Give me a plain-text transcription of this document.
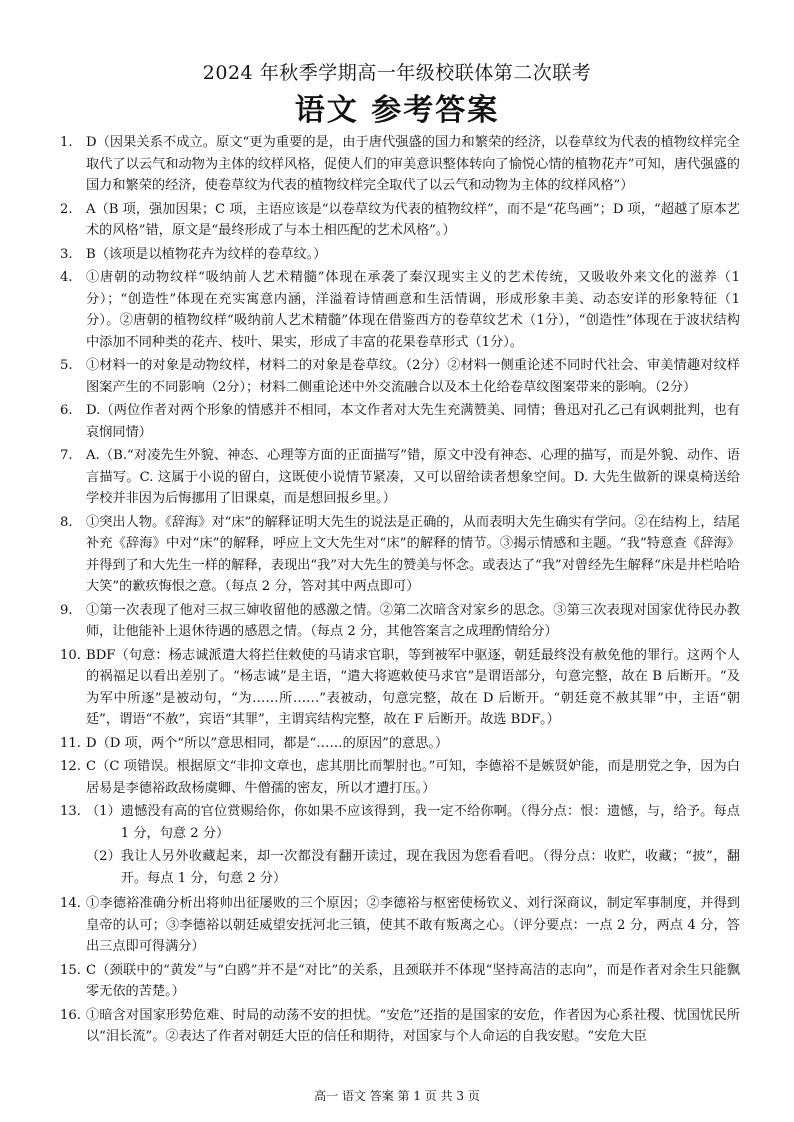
2024 年秋季学期高一年级校联体第二次联考
语文 参考答案
1.	D（因果关系不成立。原文“更为重要的是，由于唐代强盛的国力和繁荣的经济，以卷草纹为代表的植物纹样完全取代了以云气和动物为主体的纹样风格，促使人们的审美意识整体转向了愉悦心情的植物花卉”可知，唐代强盛的国力和繁荣的经济，使卷草纹为代表的植物纹样完全取代了以云气和动物为主体的纹样风格”）
2.	A（B 项，强加因果；C 项，主语应该是“以卷草纹为代表的植物纹样”，而不是“花鸟画”；D 项，“超越了原本艺术的风格”错，原文是“最终形成了与本土相匹配的艺术风格”。）
3.	B（该项是以植物花卉为纹样的卷草纹。）
4.	①唐朝的动物纹样“吸纳前人艺术精髓”体现在承袭了秦汉现实主义的艺术传统，又吸收外来文化的滋养（1分）；“创造性”体现在充实寓意内涵，洋溢着诗情画意和生活情调，形成形象丰美、动态安详的形象特征（1分）。②唐朝的植物纹样“吸纳前人艺术精髓”体现在借鉴西方的卷草纹艺术（1分），“创造性”体现在于波状结构中添加不同种类的花卉、枝叶、果实，形成了丰富的花果卷草形式（1分）。
5.	①材料一的对象是动物纹样，材料二的对象是卷草纹。（2分）②材料一侧重论述不同时代社会、审美情趣对纹样图案产生的不同影响（2分）；材料二侧重论述中外交流融合以及本土化给卷草纹图案带来的影响。（2分）
6.	D.（两位作者对两个形象的情感并不相同，本文作者对大先生充满赞美、同情；鲁迅对孔乙己有讽刺批判，也有哀悯同情）
7.	A.（B.“对凌先生外貌、神态、心理等方面的正面描写”错，原文中没有神态、心理的描写，而是外貌、动作、语言描写。C. 这属于小说的留白，这既使小说情节紧凑，又可以留给读者想象空间。D. 大先生做新的课桌椅送给学校并非因为后悔挪用了旧课桌，而是想回报乡里。）
8.	①突出人物。《辞海》对“床”的解释证明大先生的说法是正确的，从而表明大先生确实有学问。②在结构上，结尾补充《辞海》中对“床”的解释，呼应上文大先生对“床”的解释的情节。③揭示情感和主题。“我”特意查《辞海》并得到了和大先生一样的解释，表现出“我”对大先生的赞美与怀念。或表达了“我”对曾经先生解释“床是井栏哈哈大笑”的歉疚悔恨之意。（每点 2 分，答对其中两点即可）
9.	①第一次表现了他对三叔三婶收留他的感激之情。②第二次暗含对家乡的思念。③第三次表现对国家优待民办教师，让他能补上退休待遇的感恩之情。（每点 2 分，其他答案言之成理酌情给分）
10. BDF（句意：杨志诚派遣大将拦住敕使的马请求官职，等到被军中驱逐，朝廷最终没有赦免他的罪行。这两个人的祸福足以看出差别了。“杨志诚”是主语，“遣大将遮敕使马求官”是谓语部分，句意完整，故在 B 后断开。“及为军中所逐”是被动句，“为……所……”表被动，句意完整，故在 D 后断开。“朝廷竟不赦其罪”中，主语“朝廷”，谓语“不赦”，宾语“其罪”，主谓宾结构完整，故在 F 后断开。故选 BDF。）
11. D（D 项，两个“所以”意思相同，都是“……的原因”的意思。）
12. C（C 项错误。根据原文“非抑文章也，虑其朋比而掣肘也。”可知，李德裕不是嫉贤妒能，而是朋党之争，因为白居易是李德裕政敌杨虞卿、牛僧孺的密友，所以才遭打压。）
13. （1） 遗憾没有高的官位赏赐给你，你如果不应该得到，我一定不给你啊。（得分点：恨：遗憾，与，给予。每点 1 分，句意 2 分）
（2） 我让人另外收藏起来，却一次都没有翻开读过，现在我因为您看看吧。（得分点：收贮，收藏；“披”，翻开。每点 1 分，句意 2 分）
14. ①李德裕准确分析出将帅出征屡败的三个原因；②李德裕与枢密使杨钦义、刘行深商议，制定军事制度，并得到皇帝的认可；③李德裕以朝廷威望安抚河北三镇，使其不敢有叛离之心。（评分要点：一点 2 分，两点 4 分，答出三点即可得满分）
15. C（颈联中的“黄发”与“白鸥”并不是“对比”的关系，且颈联并不体现“坚持高洁的志向”，而是作者对余生只能飘零无依的苦楚。）
16. ①暗含对国家形势危难、时局的动荡不安的担忧。“安危”还指的是国家的安危，作者因为心系社稷、忧国忧民所以“泪长流”。②表达了作者对朝廷大臣的信任和期待，对国家与个人命运的自我安慰。“安危大臣
高一 语文 答案 第 1 页 共 3 页
